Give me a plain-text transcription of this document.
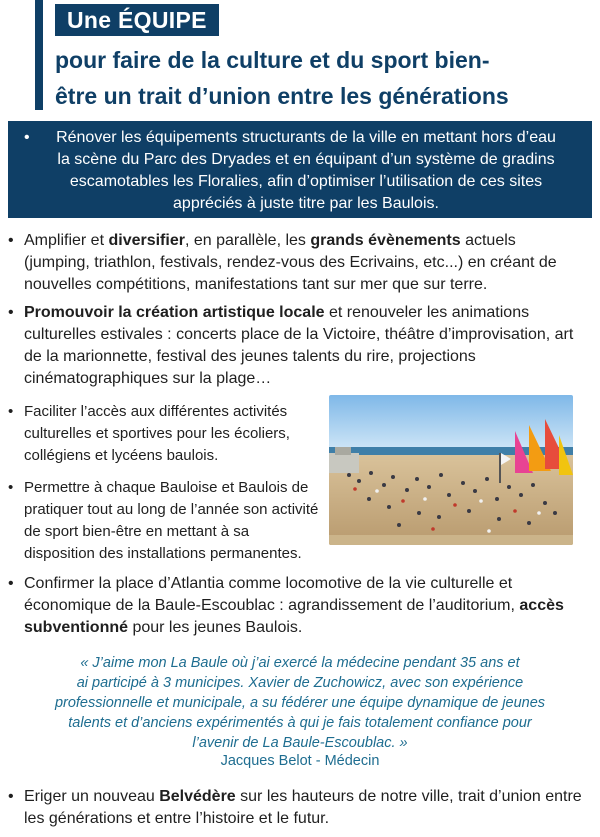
Une ÉQUIPE
pour faire de la culture et du sport bien-
être un trait d’union entre les générations
•	Rénover les équipements structurants de la ville en mettant hors d’eau
la scène du Parc des Dryades et en équipant d’un système de gradins
escamotables les Floralies, afin d’optimiser l’utilisation de ces sites
appréciés à juste titre par les Baulois.
• Amplifier et diversifier, en parallèle, les grands évènements actuels (jumping, triathlon, festivals, rendez-vous des Ecrivains, etc...) en créant de nouvelles compétitions, manifestations tant sur mer que sur terre.
• Promouvoir la création artistique locale et renouveler les animations culturelles estivales : concerts place de la Victoire, théâtre d’improvisation, art de la marionnette, festival des jeunes talents du rire, projections cinématographiques sur la plage…
• Faciliter l’accès aux différentes activités culturelles et sportives pour les écoliers, collégiens et lycéens baulois.
• Permettre à chaque Bauloise et Baulois de pratiquer tout au long de l’année son activité de sport bien-être en mettant à sa disposition des installations permanentes.
• Confirmer la place d’Atlantia comme locomotive de la vie culturelle et économique de la Baule-Escoublac : agrandissement de l’auditorium, accès subventionné pour les jeunes Baulois.
« J’aime mon La Baule où j’ai exercé la médecine pendant 35 ans et
ai participé à 3 municipes. Xavier de Zuchowicz, avec son expérience
professionnelle et municipale, a su fédérer une équipe dynamique de jeunes
talents et d’anciens expérimentés à qui je fais totalement confiance pour
l’avenir de La Baule-Escoublac. »
Jacques Belot - Médecin
• Eriger un nouveau Belvédère sur les hauteurs de notre ville, trait d’union entre les générations et entre l’histoire et le futur.
